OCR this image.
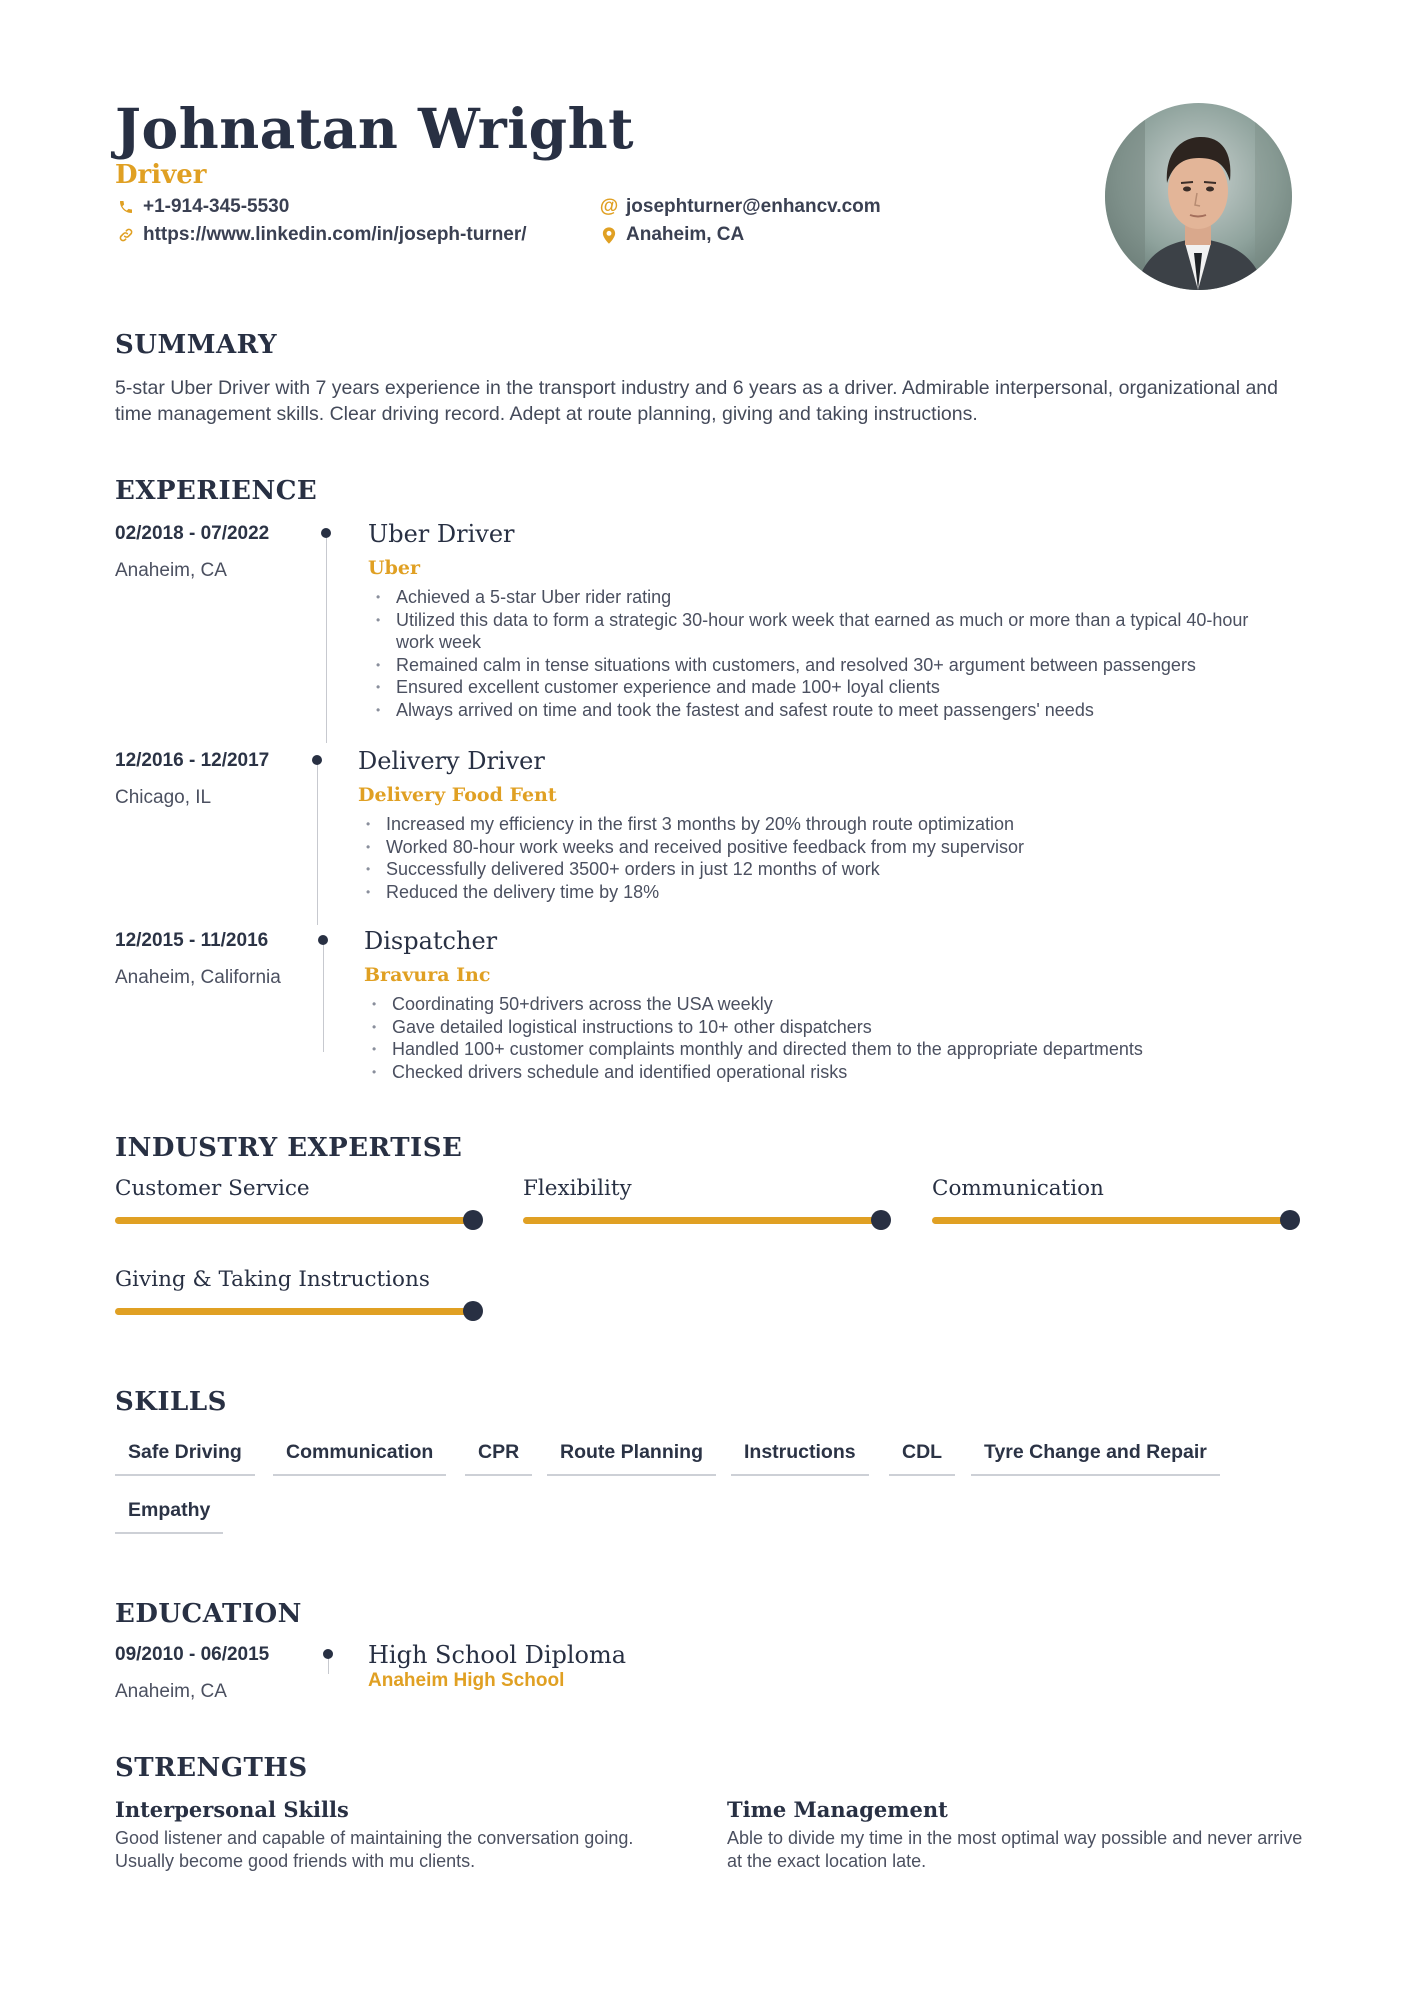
Johnatan Wright
Driver
+1-914-345-5530	@ josephturner@enhancv.com
https://www.linkedin.com/in/joseph-turner/	Anaheim, CA
SUMMARY
5-star Uber Driver with 7 years experience in the transport industry and 6 years as a driver. Admirable interpersonal, organizational and time management skills. Clear driving record. Adept at route planning, giving and taking instructions.
EXPERIENCE
02/2018 - 07/2022
Anaheim, CA
Uber Driver
Uber
• Achieved a 5-star Uber rider rating
• Utilized this data to form a strategic 30-hour work week that earned as much or more than a typical 40-hour work week
• Remained calm in tense situations with customers, and resolved 30+ argument between passengers
• Ensured excellent customer experience and made 100+ loyal clients
• Always arrived on time and took the fastest and safest route to meet passengers' needs
12/2016 - 12/2017
Chicago, IL
Delivery Driver
Delivery Food Fent
• Increased my efficiency in the first 3 months by 20% through route optimization
• Worked 80-hour work weeks and received positive feedback from my supervisor
• Successfully delivered 3500+ orders in just 12 months of work
• Reduced the delivery time by 18%
12/2015 - 11/2016
Anaheim, California
Dispatcher
Bravura Inc
• Coordinating 50+drivers across the USA weekly
• Gave detailed logistical instructions to 10+ other dispatchers
• Handled 100+ customer complaints monthly and directed them to the appropriate departments
• Checked drivers schedule and identified operational risks
INDUSTRY EXPERTISE
Customer Service	Flexibility	Communication
Giving & Taking Instructions
SKILLS
Safe Driving	Communication	CPR	Route Planning	Instructions	CDL	Tyre Change and Repair
Empathy
EDUCATION
09/2010 - 06/2015
Anaheim, CA
High School Diploma
Anaheim High School
STRENGTHS
Interpersonal Skills
Good listener and capable of maintaining the conversation going. Usually become good friends with mu clients.
Time Management
Able to divide my time in the most optimal way possible and never arrive at the exact location late.
